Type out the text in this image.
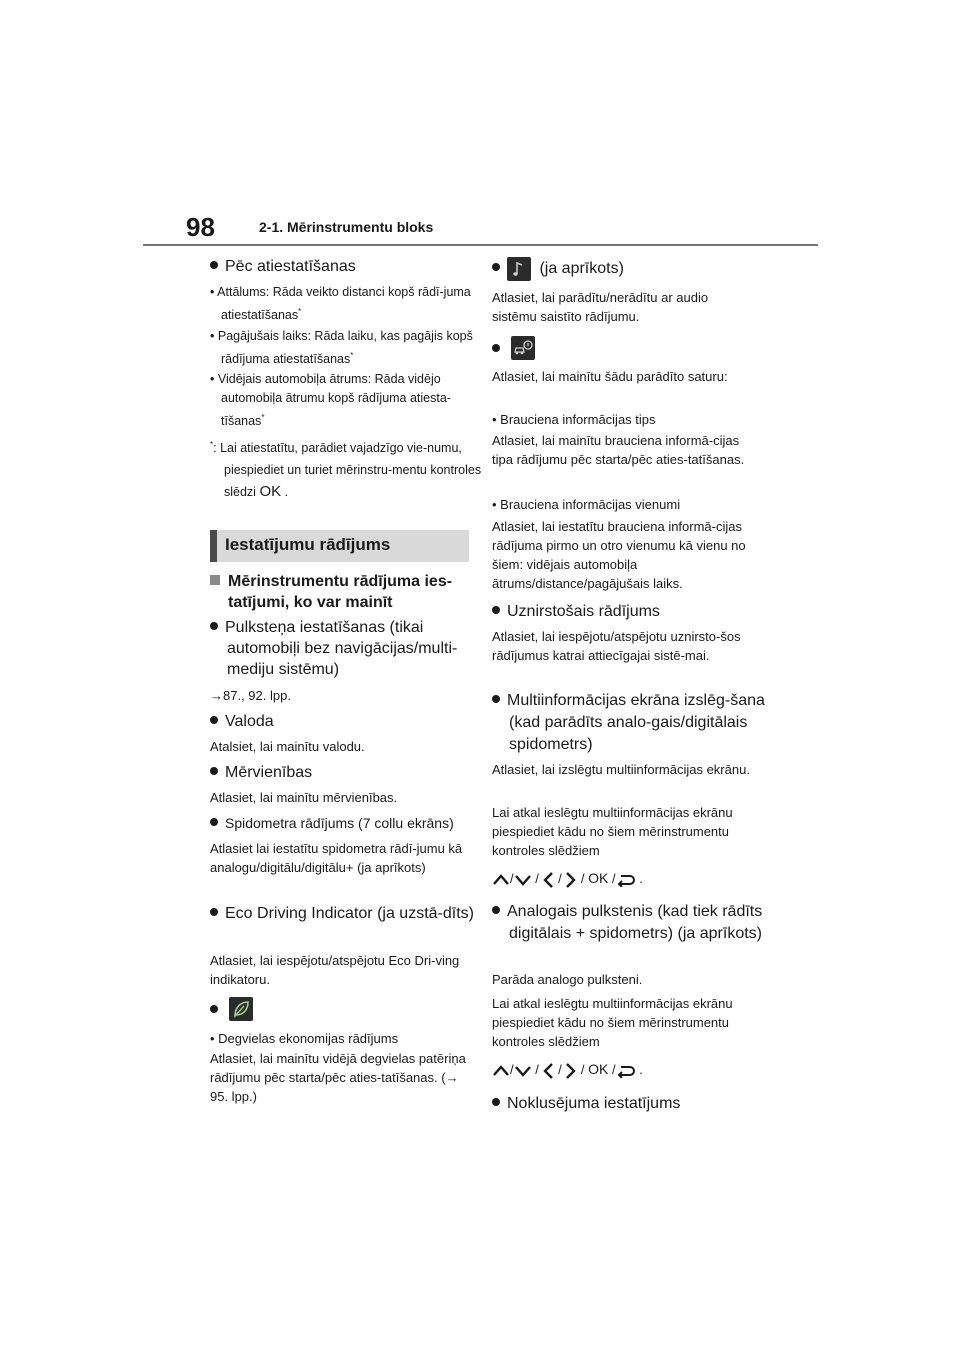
98	2-1. Mērinstrumentu bloks
Pēc atiestatīšanas
• Attālums: Rāda veikto distanci kopš rādī-juma atiestatīšanas*
• Pagājušais laiks: Rāda laiku, kas pagājis kopš rādījuma atiestatīšanas*
• Vidējais automobiļa ātrums: Rāda vidējo automobiļa ātrumu kopš rādījuma atiesta-tīšanas*
*: Lai atiestatītu, parādiet vajadzīgo vie-numu, piespiediet un turiet mērinstru-mentu kontroles slēdzi OK .
Iestatījumu rādījums
Mērinstrumentu rādījuma ies-tatījumi, ko var mainīt
Pulksteņa iestatīšanas (tikai automobiļi bez navigācijas/multi-mediju sistēmu)
→87., 92. lpp.
Valoda
Atalsiet, lai mainītu valodu.
Mērvienības
Atlasiet, lai mainītu mērvienības.
Spidometra rādījums (7 collu ekrāns)
Atlasiet lai iestatītu spidometra rādī-jumu kā analogu/digitālu/digitālu+ (ja aprīkots)
Eco Driving Indicator (ja uzstā-dīts)
Atlasiet, lai iespējotu/atspējotu Eco Dri-ving indikatoru.

• Degvielas ekonomijas rādījums
Atlasiet, lai mainītu vidējā degvielas patēriņa rādījumu pēc starta/pēc aties-tatīšanas. (→ 95. lpp.)
(ja aprīkots)
Atlasiet, lai parādītu/nerādītu ar audio sistēmu saistīto rādījumu.

Atlasiet, lai mainītu šādu parādīto saturu:
• Brauciena informācijas tips
Atlasiet, lai mainītu brauciena informā-cijas tipa rādījumu pēc starta/pēc aties-tatīšanas.
• Brauciena informācijas vienumi
Atlasiet, lai iestatītu brauciena informā-cijas rādījuma pirmo un otro vienumu kā vienu no šiem: vidējais automobiļa ātrums/distance/pagājušais laiks.
Uznirstošais rādījums
Atlasiet, lai iespējotu/atspējotu uznirsto-šos rādījumus katrai attiecīgajai sistē-mai.
Multiinformācijas ekrāna izslēg-šana (kad parādīts analo-gais/digitālais spidometrs)
Atlasiet, lai izslēgtu multiinformācijas ekrānu.
Lai atkal ieslēgtu multiinformācijas ekrānu piespiediet kādu no šiem mērinstrumentu kontroles slēdžiem
/ /  /  / OK / .
Analogais pulkstenis (kad tiek rādīts digitālais + spidometrs) (ja aprīkots)
Parāda analogo pulksteni.
Lai atkal ieslēgtu multiinformācijas ekrānu piespiediet kādu no šiem mērinstrumentu kontroles slēdžiem
/ /  /  / OK / .
Noklusējuma iestatījums
